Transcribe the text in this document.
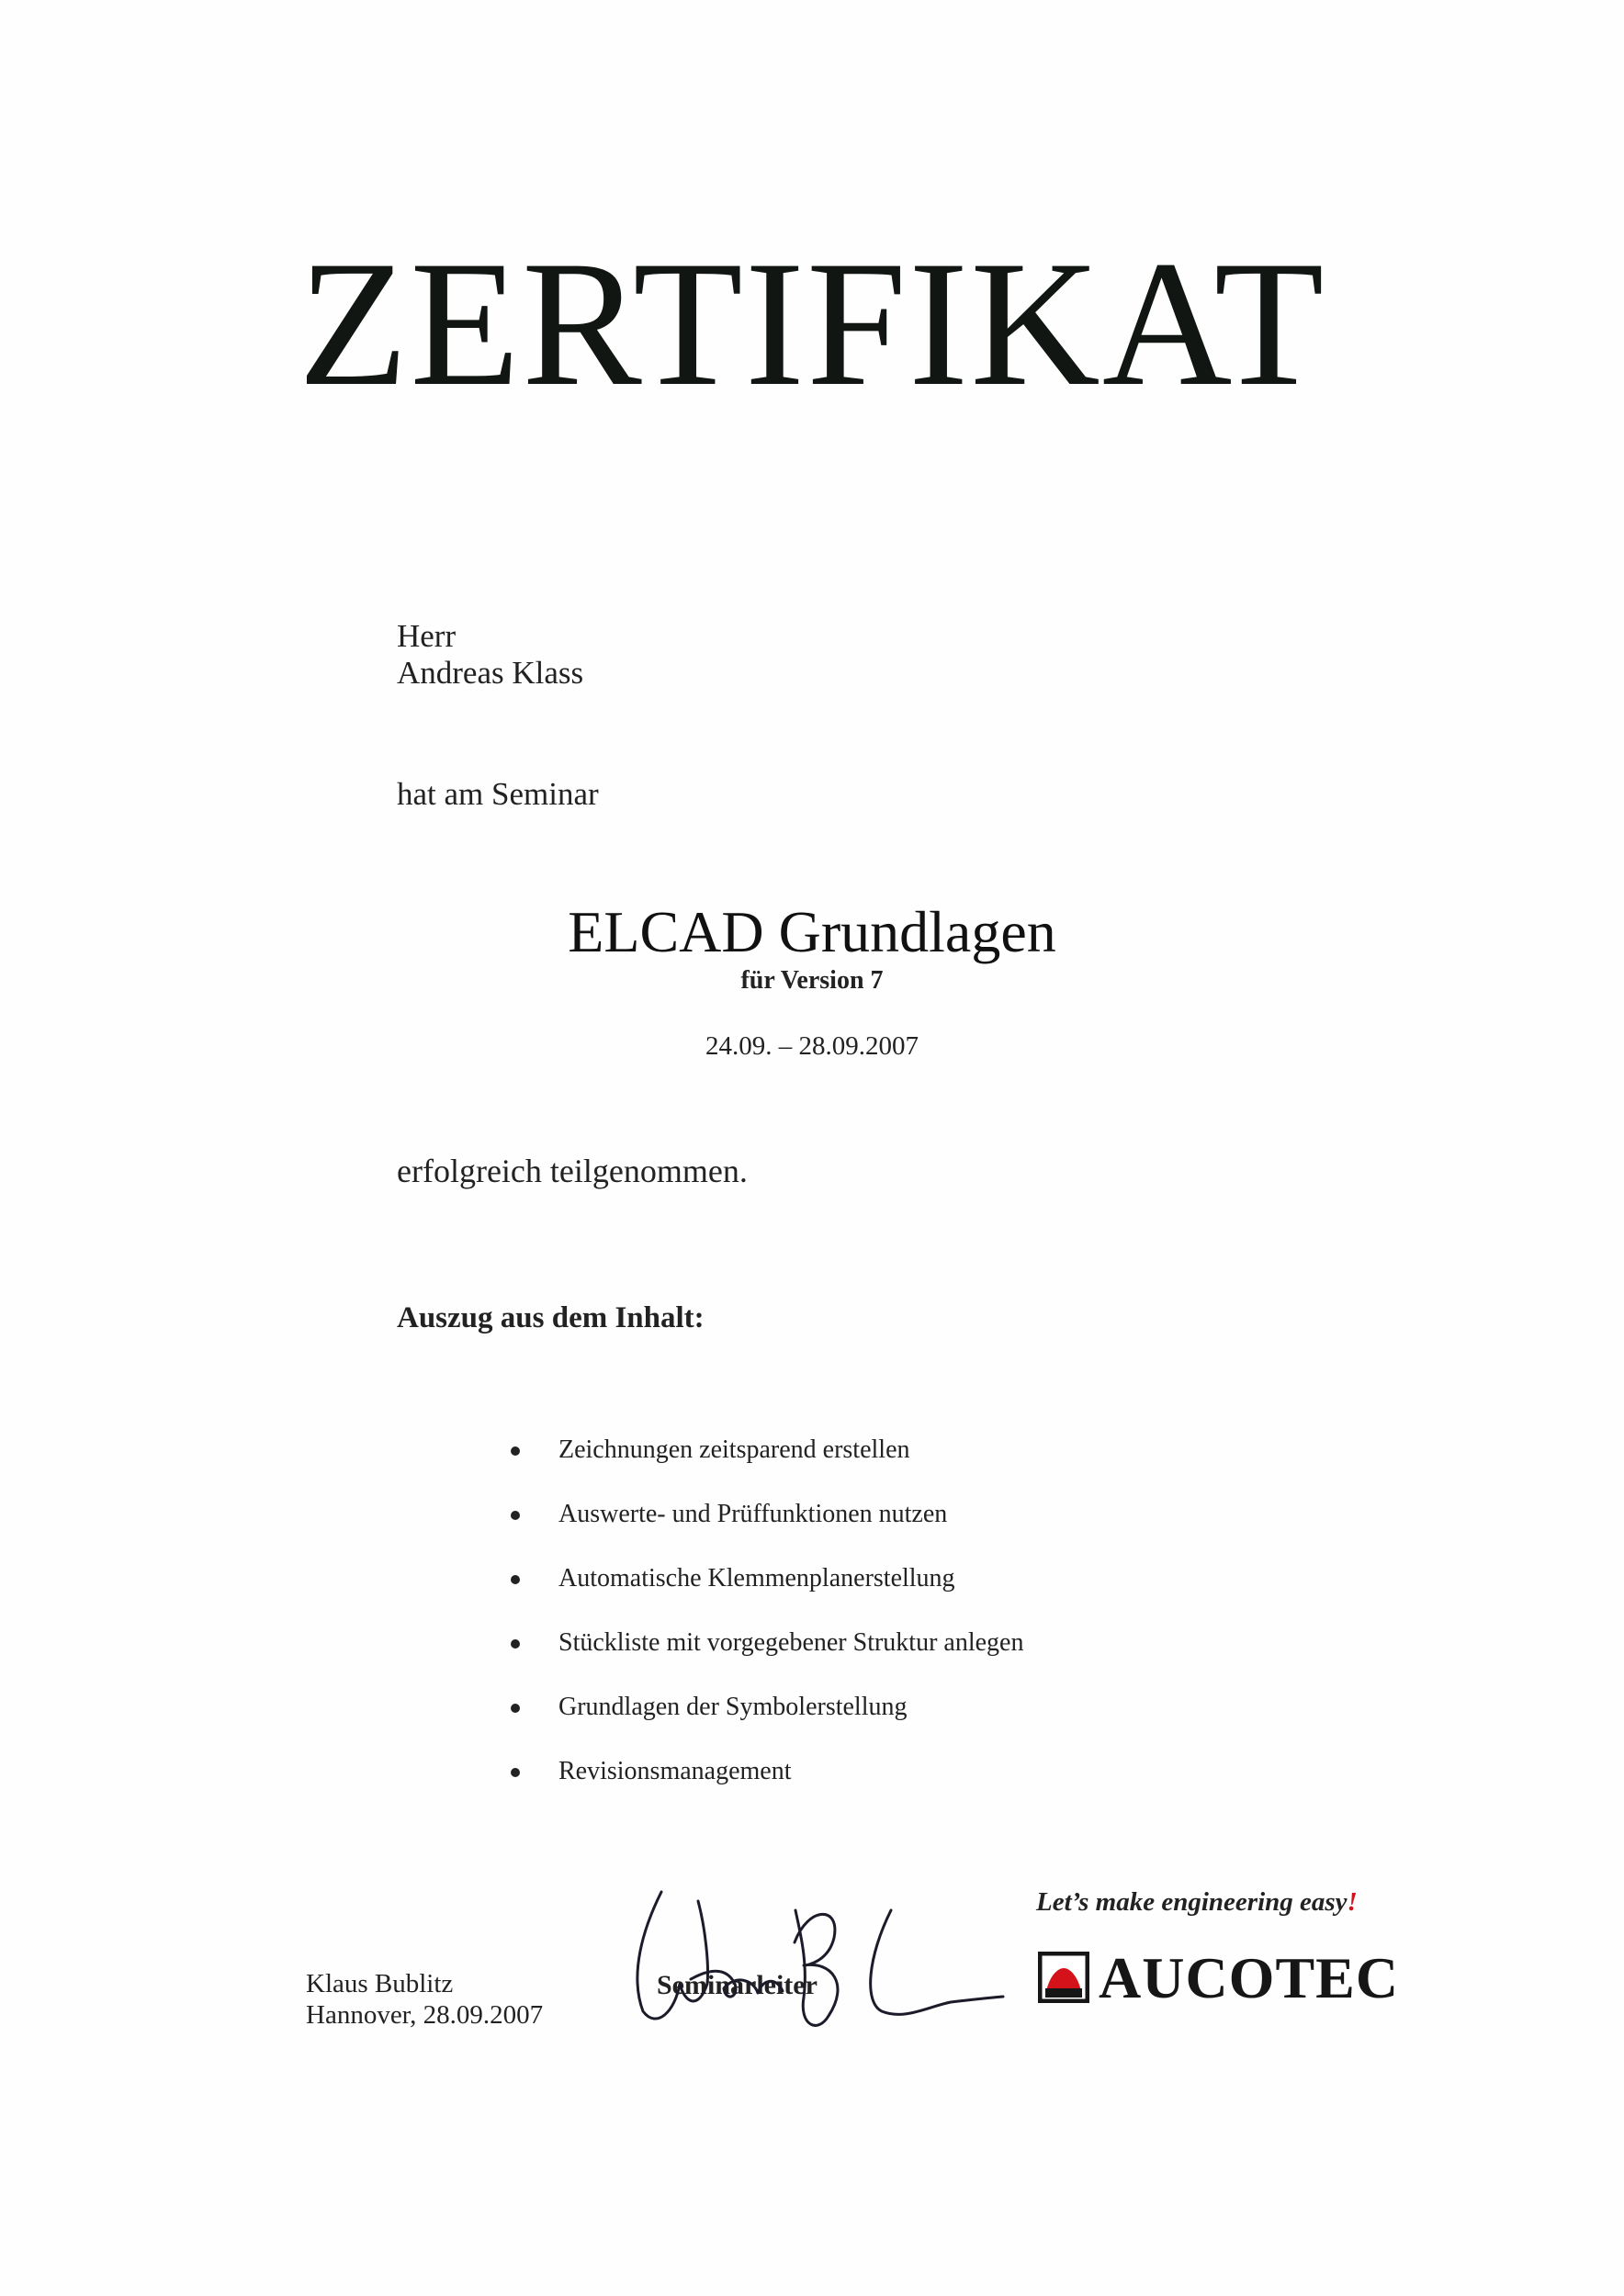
ZERTIFIKAT
Herr
Andreas Klass
hat am Seminar
ELCAD Grundlagen
für Version 7
24.09. – 28.09.2007
erfolgreich teilgenommen.
Auszug aus dem Inhalt:
Zeichnungen zeitsparend erstellen
Auswerte- und Prüffunktionen nutzen
Automatische Klemmenplanerstellung
Stückliste mit vorgegebener Struktur anlegen
Grundlagen der Symbolerstellung
Revisionsmanagement
Klaus Bublitz
Hannover, 28.09.2007
Seminarleiter
Let’s make engineering easy!
AUCOTEC
